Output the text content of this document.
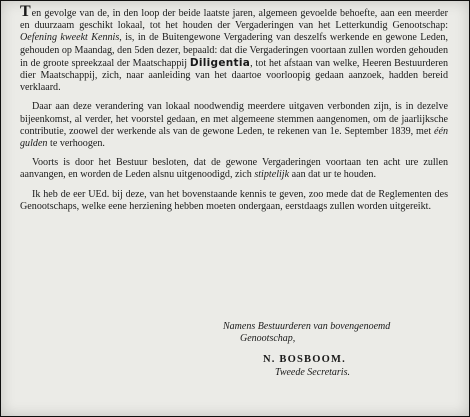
Ten gevolge van de, in den loop der beide laatste jaren, algemeen gevoelde behoefte, aan een meerder en duurzaam geschikt lokaal, tot het houden der Vergaderingen van het Letterkundig Genootschap: Oefening kweekt Kennis, is, in de Buitengewone Vergadering van deszelfs werkende en gewone Leden, gehouden op Maandag, den 5den dezer, bepaald: dat die Vergaderingen voortaan zullen worden gehouden in de groote spreekzaal der Maatschappij Diligentia, tot het afstaan van welke, Heeren Bestuurderen dier Maatschappij, zich, naar aanleiding van het daartoe voorloopig gedaan aanzoek, hadden bereid verklaard.

Daar aan deze verandering van lokaal noodwendig meerdere uitgaven verbonden zijn, is in dezelve bijeenkomst, al verder, het voorstel gedaan, en met algemeene stemmen aangenomen, om de jaarlijksche contributie, zoowel der werkende als van de gewone Leden, te rekenen van 1e. September 1839, met één gulden te verhoogen.

Voorts is door het Bestuur besloten, dat de gewone Vergaderingen voortaan ten acht ure zullen aanvangen, en worden de Leden alsnu uitgenoodigd, zich stiptelijk aan dat ur te houden.

Ik heb de eer UEd. bij deze, van het bovenstaande kennis te geven, zoo mede dat de Reglementen des Genootschaps, welke eene herziening hebben moeten ondergaan, eerstdaags zullen worden uitgereikt.

Namens Bestuurderen van bovengenoemd
Genootschap,
N. BOSBOOM.
Tweede Secretaris.
